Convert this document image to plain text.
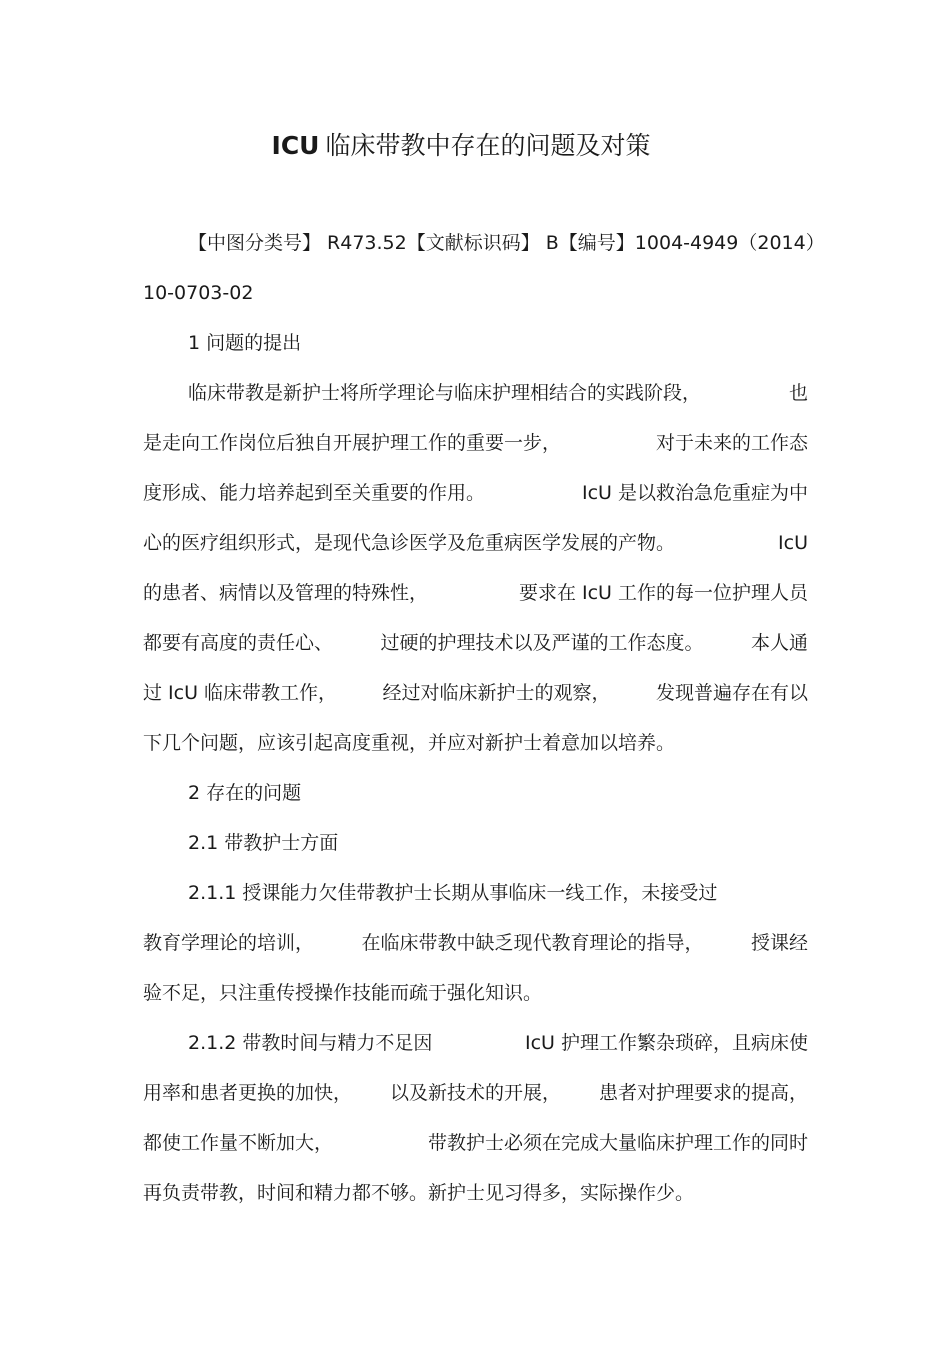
ICU 临床带教中存在的问题及对策
【中图分类号】 R473.52【文献标识码】 B【编号】1004-4949（2014）
10-0703-02
1 问题的提出
临床带教是新护士将所学理论与临床护理相结合的实践阶段，	也
是走向工作岗位后独自开展护理工作的重要一步，	对于未来的工作态
度形成、能力培养起到至关重要的作用。	IcU 是以救治急危重症为中
心的医疗组织形式，是现代急诊医学及危重病医学发展的产物。	IcU
的患者、病情以及管理的特殊性，	要求在 IcU 工作的每一位护理人员
都要有高度的责任心、 过硬的护理技术以及严谨的工作态度。 本人通
过 IcU 临床带教工作， 经过对临床新护士的观察， 发现普遍存在有以
下几个问题，应该引起高度重视，并应对新护士着意加以培养。
2 存在的问题
2.1 带教护士方面
2.1.1 授课能力欠佳带教护士长期从事临床一线工作，未接受过
教育学理论的培训， 在临床带教中缺乏现代教育理论的指导， 授课经
验不足，只注重传授操作技能而疏于强化知识。
2.1.2 带教时间与精力不足因	IcU 护理工作繁杂琐碎，且病床使
用率和患者更换的加快， 以及新技术的开展， 患者对护理要求的提高，
都使工作量不断加大，	带教护士必须在完成大量临床护理工作的同时
再负责带教，时间和精力都不够。新护士见习得多，实际操作少。
